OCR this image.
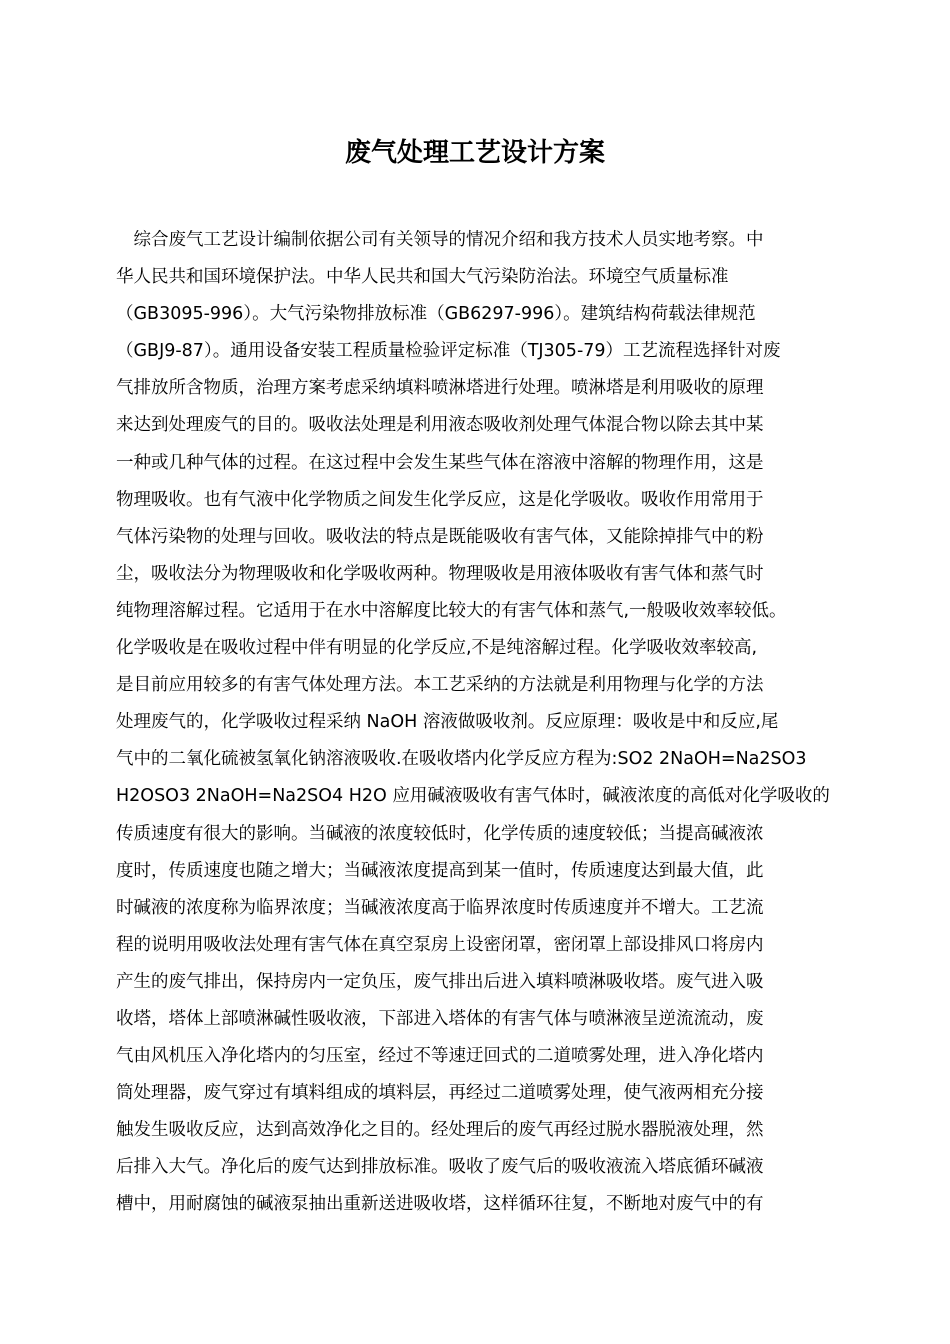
废气处理工艺设计方案
　综合废气工艺设计编制依据公司有关领导的情况介绍和我方技术人员实地考察。中
华人民共和国环境保护法。中华人民共和国大气污染防治法。环境空气质量标准
（GB3095-996）。大气污染物排放标准（GB6297-996）。建筑结构荷载法律规范
（GBJ9-87）。通用设备安装工程质量检验评定标准（TJ305-79）工艺流程选择针对废
气排放所含物质，治理方案考虑采纳填料喷淋塔进行处理。喷淋塔是利用吸收的原理
来达到处理废气的目的。吸收法处理是利用液态吸收剂处理气体混合物以除去其中某
一种或几种气体的过程。在这过程中会发生某些气体在溶液中溶解的物理作用，这是
物理吸收。也有气液中化学物质之间发生化学反应，这是化学吸收。吸收作用常用于
气体污染物的处理与回收。吸收法的特点是既能吸收有害气体，又能除掉排气中的粉
尘，吸收法分为物理吸收和化学吸收两种。物理吸收是用液体吸收有害气体和蒸气时
纯物理溶解过程。它适用于在水中溶解度比较大的有害气体和蒸气,一般吸收效率较低。
化学吸收是在吸收过程中伴有明显的化学反应,不是纯溶解过程。化学吸收效率较高,
是目前应用较多的有害气体处理方法。本工艺采纳的方法就是利用物理与化学的方法
处理废气的，化学吸收过程采纳 NaOH 溶液做吸收剂。反应原理：吸收是中和反应,尾
气中的二氧化硫被氢氧化钠溶液吸收.在吸收塔内化学反应方程为:SO2 2NaOH=Na2SO3
H2OSO3 2NaOH=Na2SO4 H2O 应用碱液吸收有害气体时，碱液浓度的高低对化学吸收的
传质速度有很大的影响。当碱液的浓度较低时，化学传质的速度较低；当提高碱液浓
度时，传质速度也随之增大；当碱液浓度提高到某一值时，传质速度达到最大值，此
时碱液的浓度称为临界浓度；当碱液浓度高于临界浓度时传质速度并不增大。工艺流
程的说明用吸收法处理有害气体在真空泵房上设密闭罩，密闭罩上部设排风口将房内
产生的废气排出，保持房内一定负压，废气排出后进入填料喷淋吸收塔。废气进入吸
收塔，塔体上部喷淋碱性吸收液，下部进入塔体的有害气体与喷淋液呈逆流流动，废
气由风机压入净化塔内的匀压室，经过不等速迂回式的二道喷雾处理，进入净化塔内
筒处理器，废气穿过有填料组成的填料层，再经过二道喷雾处理，使气液两相充分接
触发生吸收反应，达到高效净化之目的。经处理后的废气再经过脱水器脱液处理，然
后排入大气。净化后的废气达到排放标准。吸收了废气后的吸收液流入塔底循环碱液
槽中，用耐腐蚀的碱液泵抽出重新送进吸收塔，这样循环往复，不断地对废气中的有
